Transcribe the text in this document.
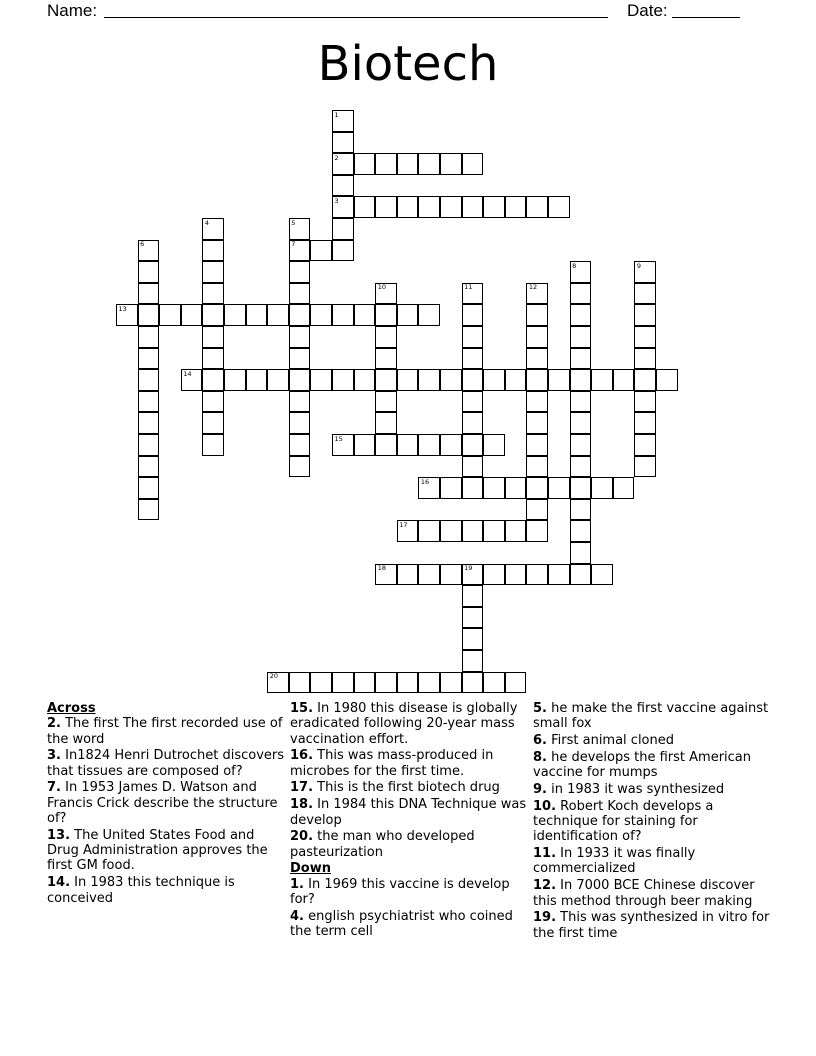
Name:	Date:
Biotech
1
2
3
4	5
7
6
8	9
10	11	12
13
14
15
16
17
18	19
20
Across
2. The first The first recorded use of the word
3. In1824 Henri Dutrochet discovers that tissues are composed of?
7. In 1953 James D. Watson and Francis Crick describe the structure of?
13. The United States Food and Drug Administration approves the first GM food.
14. In 1983 this technique is conceived
15. In 1980 this disease is globally eradicated following 20-year mass vaccination effort.
16. This was mass-produced in microbes for the first time.
17. This is the first biotech drug
18. In 1984 this DNA Technique was develop
20. the man who developed pasteurization
Down
1. In 1969 this vaccine is develop for?
4. english psychiatrist who coined the term cell
5. he make the first vaccine against small fox
6. First animal cloned
8. he develops the first American vaccine for mumps
9. in 1983 it was synthesized
10. Robert Koch develops a technique for staining for identification of?
11. In 1933 it was finally commercialized
12. In 7000 BCE Chinese discover this method through beer making
19. This was synthesized in vitro for the first time
